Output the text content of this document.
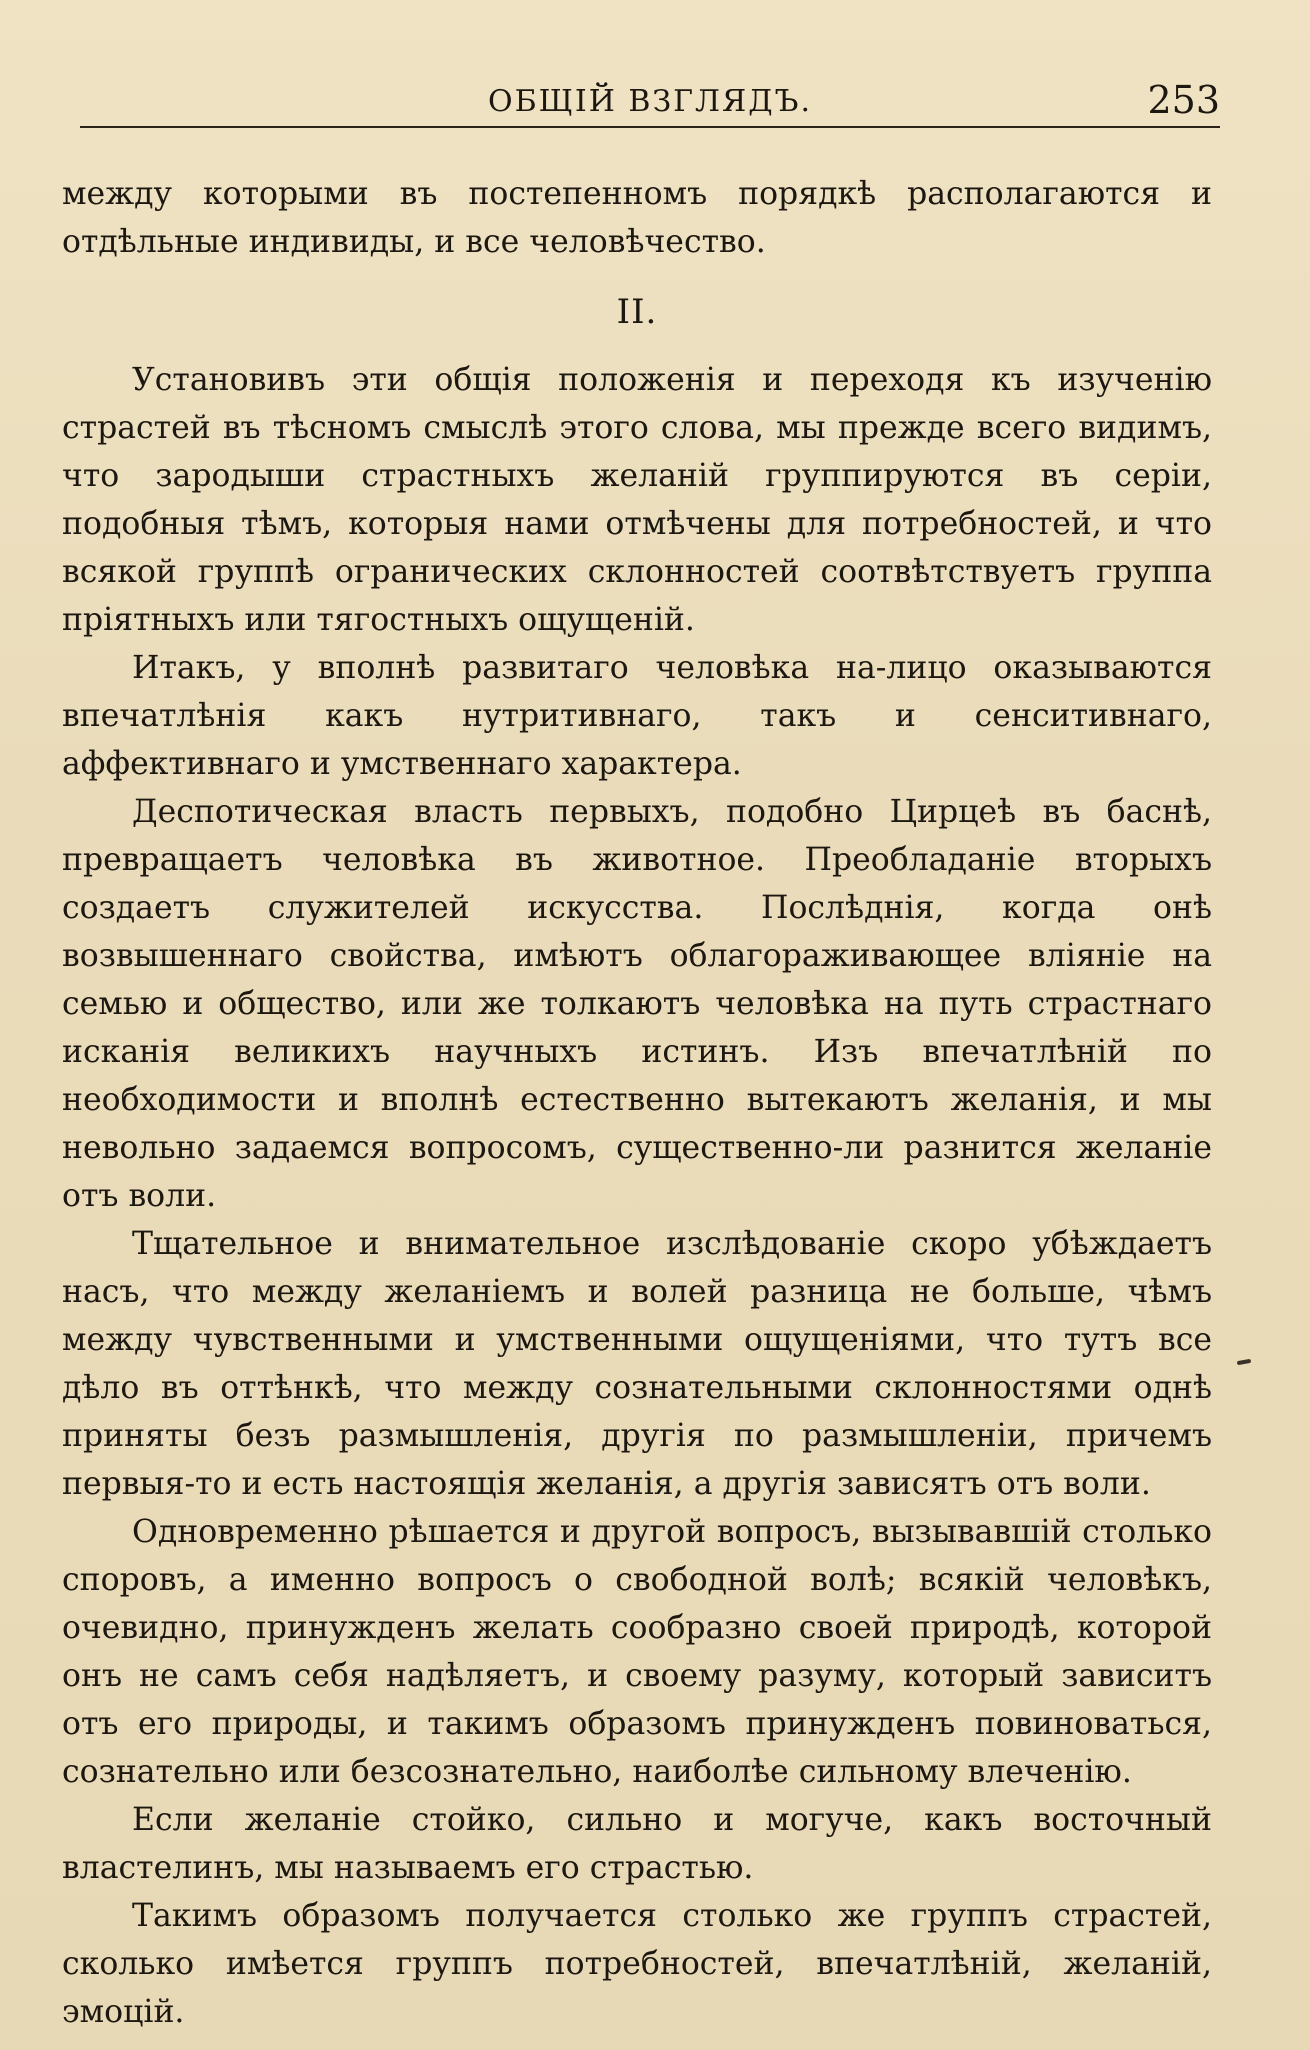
ОБЩІЙ ВЗГЛЯДЪ.	253

между которыми въ постепенномъ порядкѣ располагаются и отдѣльные индивиды, и все человѣчество.

II.

Установивъ эти общія положенія и переходя къ изученію страстей въ тѣсномъ смыслѣ этого слова, мы прежде всего видимъ, что зародыши страстныхъ желаній группируются въ серіи, подобныя тѣмъ, которыя нами отмѣчены для потребностей, и что всякой группѣ огранических склонностей соотвѣтствуетъ группа пріятныхъ или тягостныхъ ощущеній.

Итакъ, у вполнѣ развитаго человѣка на-лицо оказываются впечатлѣнія какъ нутритивнаго, такъ и сенситивнаго, аффективнаго и умственнаго характера.

Деспотическая власть первыхъ, подобно Цирцеѣ въ баснѣ, превращаетъ человѣка въ животное. Преобладаніе вторыхъ создаетъ служителей искусства. Послѣднія, когда онѣ возвышеннаго свойства, имѣютъ облагораживающее вліяніе на семью и общество, или же толкаютъ человѣка на путь страстнаго исканія великихъ научныхъ истинъ. Изъ впечатлѣній по необходимости и вполнѣ естественно вытекаютъ желанія, и мы невольно задаемся вопросомъ, существенно-ли разнится желаніе отъ воли.

Тщательное и внимательное изслѣдованіе скоро убѣждаетъ насъ, что между желаніемъ и волей разница не больше, чѣмъ между чувственными и умственными ощущеніями, что тутъ все дѣло въ оттѣнкѣ, что между сознательными склонностями однѣ приняты безъ размышленія, другія по размышленіи, причемъ первыя-то и есть настоящія желанія, а другія зависятъ отъ воли.

Одновременно рѣшается и другой вопросъ, вызывавшій столько споровъ, а именно вопросъ о свободной волѣ; всякій человѣкъ, очевидно, принужденъ желать сообразно своей природѣ, которой онъ не самъ себя надѣляетъ, и своему разуму, который зависитъ отъ его природы, и такимъ образомъ принужденъ повиноваться, сознательно или безсознательно, наиболѣе сильному влеченію.

Если желаніе стойко, сильно и могуче, какъ восточный властелинъ, мы называемъ его страстью.

Такимъ образомъ получается столько же группъ страстей, сколько имѣется группъ потребностей, впечатлѣній, желаній, эмоцій.
